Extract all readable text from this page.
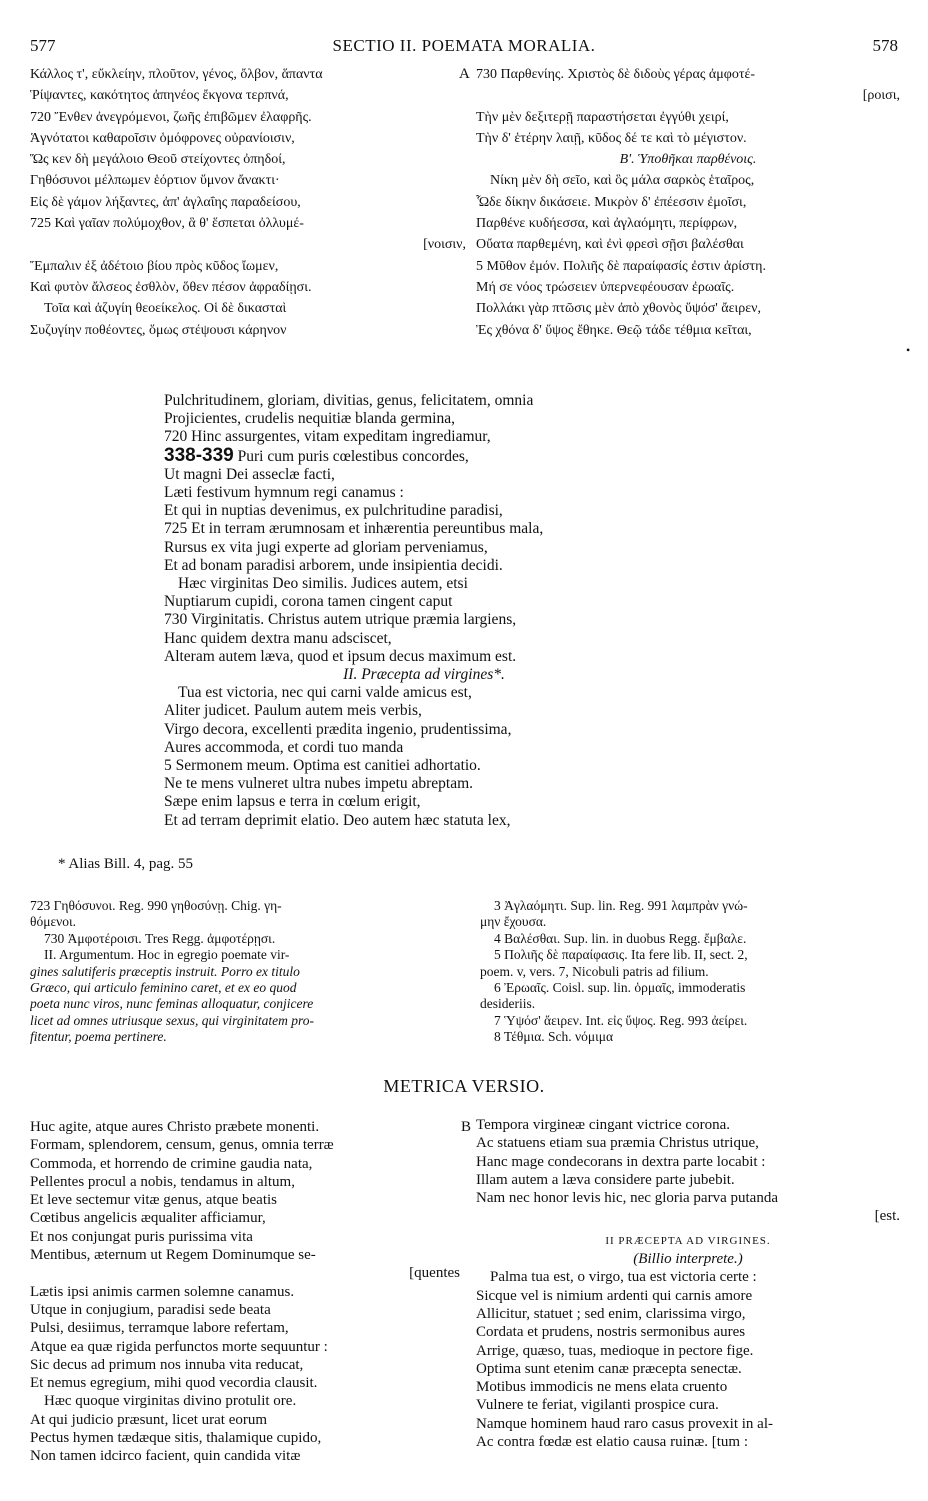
577	SECTIO II. POEMATA MORALIA.	578
Κάλλος τ', εὔκλείην, πλοῦτον, γένος, ὄλβον, ἅπαντα
Ῥίψαντες, κακότητος ἀπηνέος ἔκγονα τερπνά,
720 Ἔνθεν ἀνεγρόμενοι, ζωῆς ἐπιβῶμεν ἐλαφρῆς.
Ἁγνότατοι καθαροῖσιν ὁμόφρονες οὐρανίοισιν,
Ὥς κεν δὴ μεγάλοιο Θεοῦ στείχοντες ὀπηδοί,
Γηθόσυνοι μέλπωμεν ἑόρτιον ὕμνον ἄνακτι·
Εἰς δὲ γάμον λήξαντες, ἀπ' ἀγλαΐης παραδείσου,
725 Καὶ γαῖαν πολύμοχθον, ἃ θ' ἕσπεται ὀλλυμέ-
[νοισιν,
Ἔμπαλιν ἐξ ἀδέτοιο βίου πρὸς κῦδος ἴωμεν,
Καὶ φυτὸν ἄλσεος ἐσθλὸν, ὅθεν πέσον ἀφραδίῃσι.
Τοῖα καὶ ἀζυγίη θεοείκελος. Οἱ δὲ δικασταὶ
Συζυγίην ποθέοντες, ὅμως στέψουσι κάρηνον
A 730 Παρθενίης. Χριστὸς δὲ διδοὺς γέρας ἀμφοτέ-
[ροισι,
Τὴν μὲν δεξιτερῇ παραστήσεται ἐγγύθι χειρί,
Τὴν δ' ἑτέρην λαιῇ, κῦδος δέ τε καὶ τὸ μέγιστον.
Β'. Ὑποθῆκαι παρθένοις.
Νίκη μὲν δὴ σεῖο, καὶ ὃς μάλα σαρκὸς ἑταῖρος,
Ὧδε δίκην δικάσειε. Μικρὸν δ' ἐπέεσσιν ἐμοῖσι,
Παρθένε κυδήεσσα, καὶ ἀγλαόμητι, περίφρων,
Οὔατα παρθεμένη, καὶ ἐνὶ φρεσὶ σῇσι βαλέσθαι
5 Μῦθον ἐμόν. Πολιῆς δὲ παραίφασίς ἐστιν ἀρίστη.
Μή σε νόος τρώσειεν ὑπερνεφέουσαν ἐρωαῖς.
Πολλάκι γὰρ πτῶσις μὲν ἀπὸ χθονὸς ὕψόσ' ἄειρεν,
Ἐς χθόνα δ' ὕψος ἔθηκε. Θεῷ τάδε τέθμια κεῖται,
•
Pulchritudinem, gloriam, divitias, genus, felicitatem, omnia
Projicientes, crudelis nequitiæ blanda germina,
720 Hinc assurgentes, vitam expeditam ingrediamur,
338-339 Puri cum puris cœlestibus concordes,
Ut magni Dei asseclæ facti,
Læti festivum hymnum regi canamus :
Et qui in nuptias devenimus, ex pulchritudine paradisi,
725 Et in terram ærumnosam et inhærentia pereuntibus mala,
Rursus ex vita jugi experte ad gloriam perveniamus,
Et ad bonam paradisi arborem, unde insipientia decidi.
Hæc virginitas Deo similis. Judices autem, etsi
Nuptiarum cupidi, corona tamen cingent caput
730 Virginitatis. Christus autem utrique præmia largiens,
Hanc quidem dextra manu adsciscet,
Alteram autem læva, quod et ipsum decus maximum est.
II. Præcepta ad virgines*.
Tua est victoria, nec qui carni valde amicus est,
Aliter judicet. Paulum autem meis verbis,
Virgo decora, excellenti prædita ingenio, prudentissima,
Aures accommoda, et cordi tuo manda
5 Sermonem meum. Optima est canitiei adhortatio.
Ne te mens vulneret ultra nubes impetu abreptam.
Sæpe enim lapsus e terra in cœlum erigit,
Et ad terram deprimit elatio. Deo autem hæc statuta lex,
* Alias Bill. 4, pag. 55
723 Γηθόσυνοι. Reg. 990 γηθοσύνῃ. Chig. γη-
θόμενοι.
730 Ἀμφοτέροισι. Tres Regg. ἀμφοτέρῃσι.
II. Argumentum. Hoc in egregio poemate vir-
gines salutiferis præceptis instruit. Porro ex titulo
Græco, qui articulo feminino caret, et ex eo quod
poeta nunc viros, nunc feminas alloquatur, conjicere
licet ad omnes utriusque sexus, qui virginitatem pro-
fitentur, poema pertinere.
3 Ἀγλαόμητι. Sup. lin. Reg. 991 λαμπρὰν γνώ-
μην ἔχουσα.
4 Βαλέσθαι. Sup. lin. in duobus Regg. ἔμβαλε.
5 Πολιῆς δὲ παραίφασις. Ita fere lib. II, sect. 2,
poem. v, vers. 7, Nicobuli patris ad filium.
6 Ἐρωαῖς. Coisl. sup. lin. ὁρμαῖς, immoderatis
desideriis.
7 Ὑψόσ' ἄειρεν. Int. εἰς ὕψος. Reg. 993 ἀείρει.
8 Τέθμια. Sch. νόμιμα
METRICA VERSIO.
Huc agite, atque aures Christo præbete monenti.
Formam, splendorem, censum, genus, omnia terræ
Commoda, et horrendo de crimine gaudia nata,
Pellentes procul a nobis, tendamus in altum,
Et leve sectemur vitæ genus, atque beatis
Cœtibus angelicis æqualiter afficiamur,
Et nos conjungat puris purissima vita
Mentibus, æternum ut Regem Dominumque se-
[quentes
Lætis ipsi animis carmen solemne canamus.
Utque in conjugium, paradisi sede beata
Pulsi, desiimus, terramque labore refertam,
Atque ea quæ rigida perfunctos morte sequuntur :
Sic decus ad primum nos innuba vita reducat,
Et nemus egregium, mihi quod vecordia clausit.
Hæc quoque virginitas divino protulit ore.
At qui judicio præsunt, licet urat eorum
Pectus hymen tædæque sitis, thalamique cupido,
Non tamen idcirco facient, quin candida vitæ
B Tempora virgineæ cingant victrice corona.
Ac statuens etiam sua præmia Christus utrique,
Hanc mage condecorans in dextra parte locabit :
Illam autem a læva considere parte jubebit.
Nam nec honor levis hic, nec gloria parva putanda
[est.
II PRÆCEPTA AD VIRGINES.
(Billio interprete.)
Palma tua est, o virgo, tua est victoria certe :
Sicque vel is nimium ardenti qui carnis amore
Allicitur, statuet ; sed enim, clarissima virgo,
Cordata et prudens, nostris sermonibus aures
Arrige, quæso, tuas, medioque in pectore fige.
Optima sunt etenim canæ præcepta senectæ.
Motibus immodicis ne mens elata cruento
Vulnere te feriat, vigilanti prospice cura.
Namque hominem haud raro casus provexit in al-
Ac contra fœdæ est elatio causa ruinæ. [tum :
